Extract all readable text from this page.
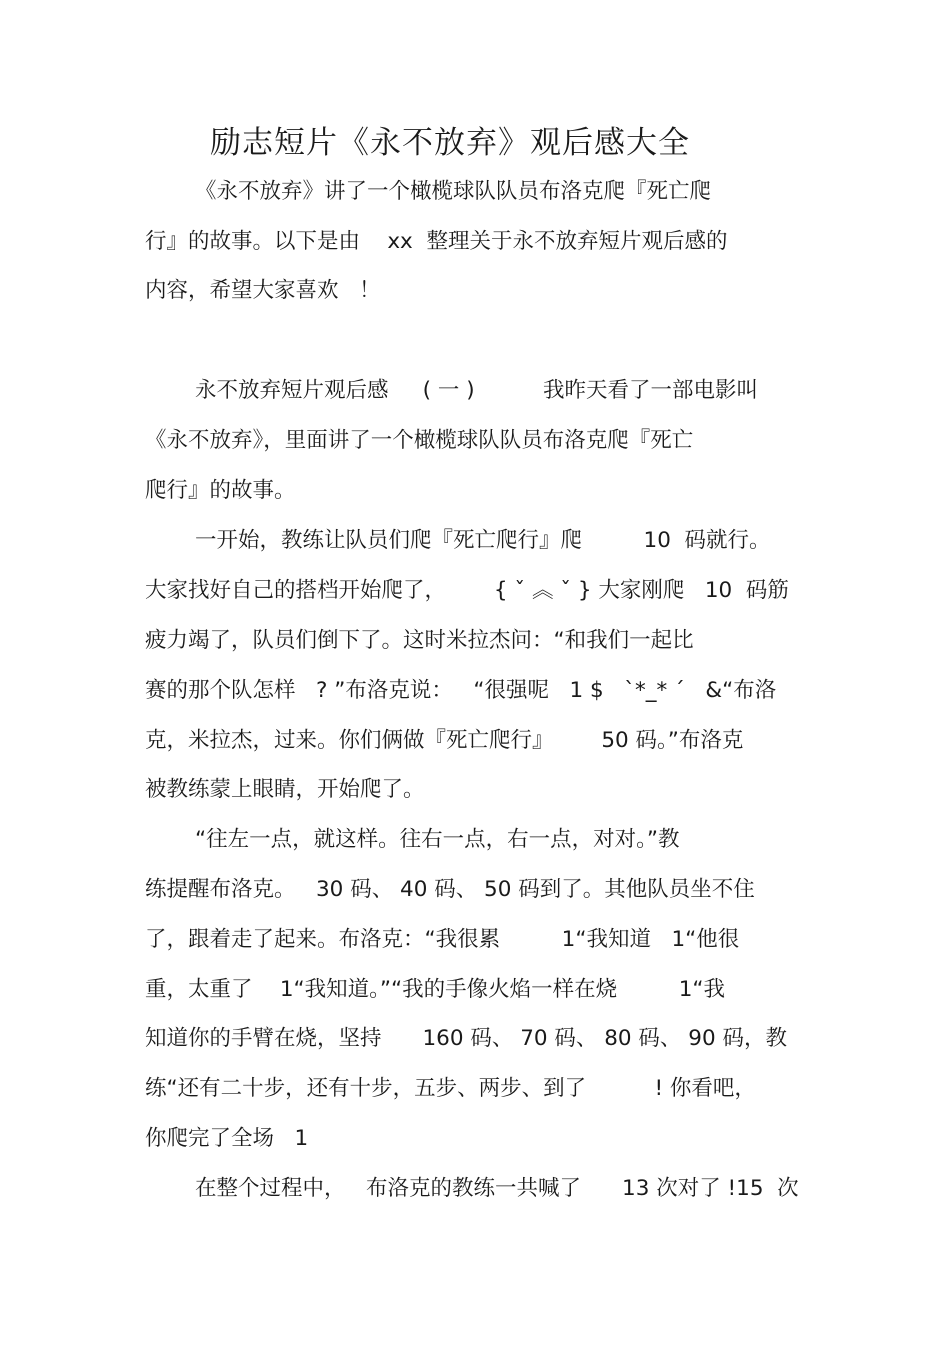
励志短片《永不放弃》观后感大全

《永不放弃》讲了一个橄榄球队队员布洛克爬『死亡爬

行』的故事。以下是由    xx  整理关于永不放弃短片观后感的

内容，希望大家喜欢   ！

永不放弃短片观后感     ( 一 )          我昨天看了一部电影叫

《永不放弃》，里面讲了一个橄榄球队队员布洛克爬『死亡

爬行』的故事。

一开始，教练让队员们爬『死亡爬行』爬         10  码就行。

大家找好自己的搭档开始爬了，       { ˇ ︽ ˇ } 大家刚爬   10  码筋

疲力竭了，队员们倒下了。这时米拉杰问：“和我们一起比

赛的那个队怎样   ? ”布洛克说：   “很强呢   1 $   ˋ*_* ˊ   &“布洛

克，米拉杰，过来。你们俩做『死亡爬行』       50 码。”布洛克

被教练蒙上眼睛，开始爬了。

“往左一点，就这样。往右一点，右一点，对对。”教

练提醒布洛克。   30 码、 40 码、 50 码到了。其他队员坐不住

了，跟着走了起来。布洛克：“我很累         1“我知道   1“他很

重，太重了    1“我知道。”“我的手像火焰一样在烧         1“我

知道你的手臂在烧，坚持      160 码、 70 码、 80 码、 90 码，教

练“还有二十步，还有十步，五步、两步、到了          ! 你看吧，

你爬完了全场   1

在整个过程中，   布洛克的教练一共喊了      13 次对了 !15  次
